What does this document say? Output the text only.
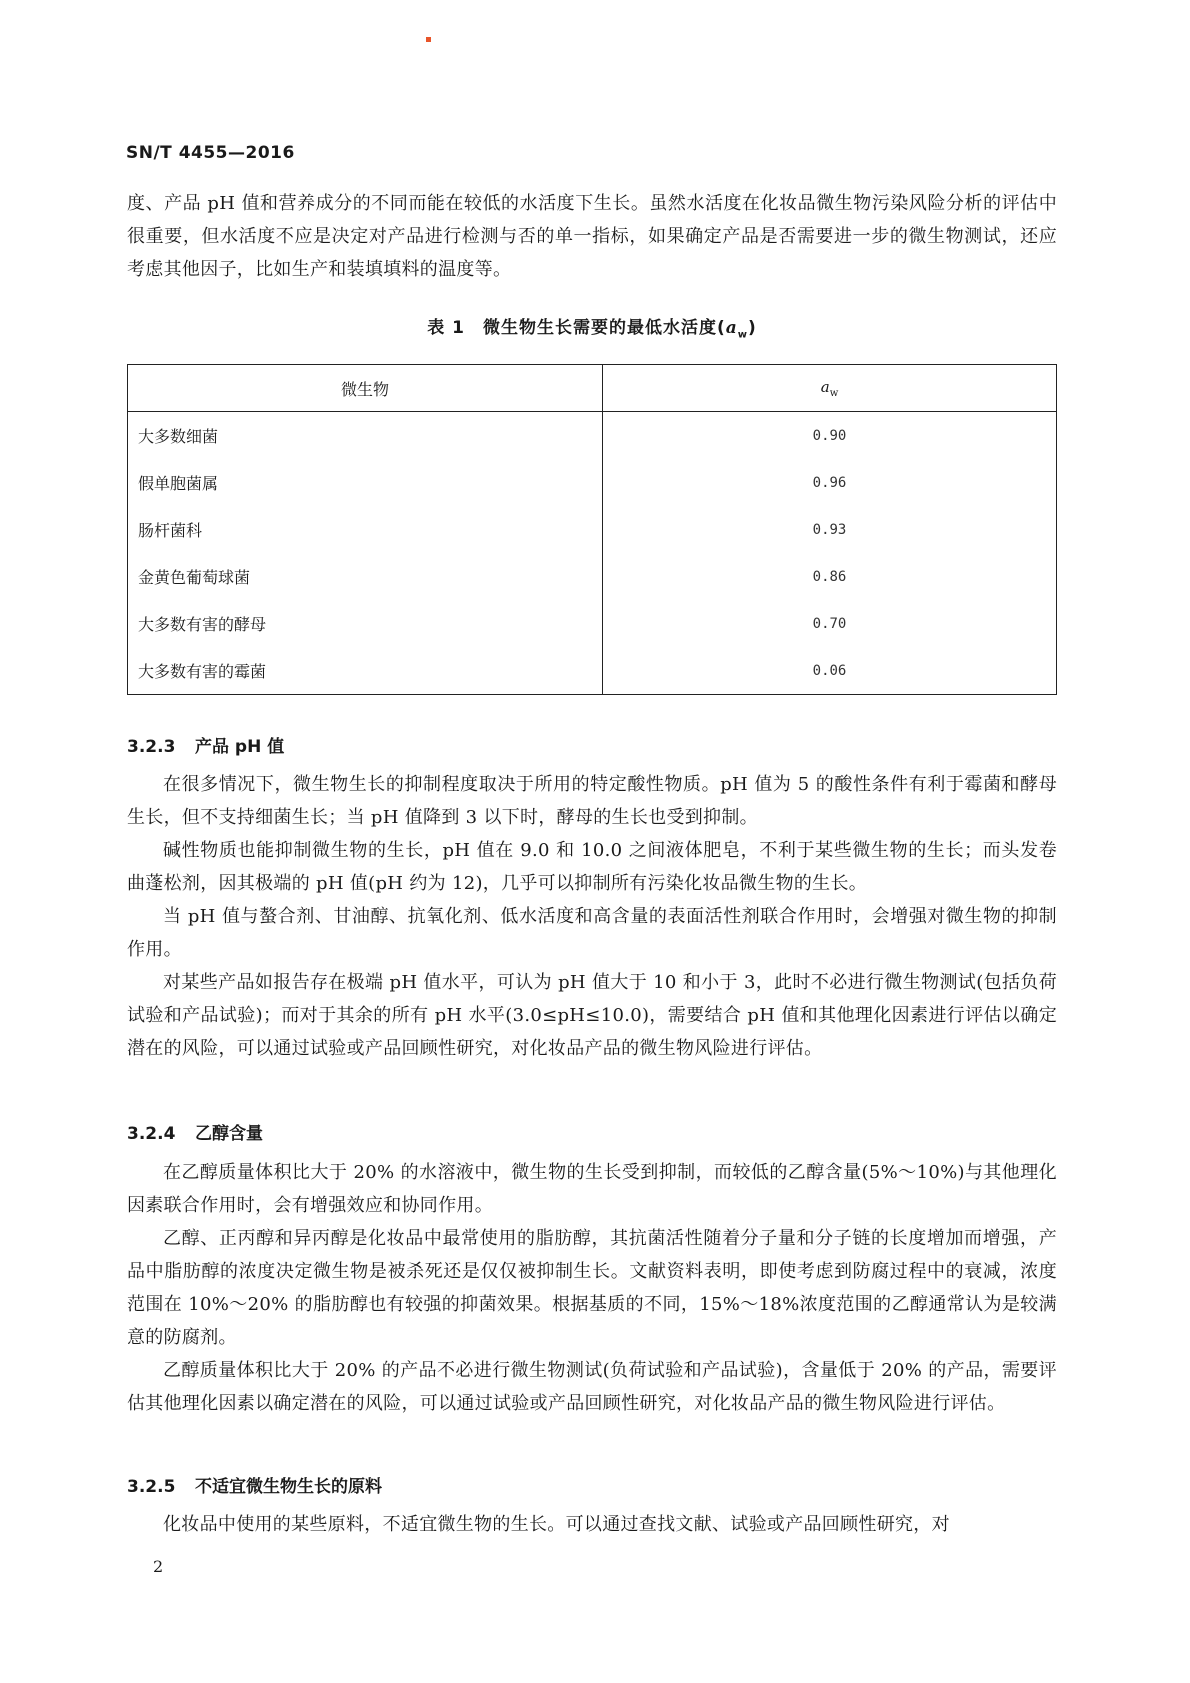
SN/T 4455—2016

度、产品 pH 值和营养成分的不同而能在较低的水活度下生长。虽然水活度在化妆品微生物污染风险分析的评估中很重要，但水活度不应是决定对产品进行检测与否的单一指标，如果确定产品是否需要进一步的微生物测试，还应考虑其他因子，比如生产和装填填料的温度等。

表 1　微生物生长需要的最低水活度$(a_w)$
微生物	$a_w$
大多数细菌	0.90
假单胞菌属	0.96
肠杆菌科	0.93
金黄色葡萄球菌	0.86
大多数有害的酵母	0.70
大多数有害的霉菌	0.06
3.2.3 产品 pH 值

在很多情况下，微生物生长的抑制程度取决于所用的特定酸性物质。pH 值为 5 的酸性条件有利于霉菌和酵母生长，但不支持细菌生长；当 pH 值降到 3 以下时，酵母的生长也受到抑制。

碱性物质也能抑制微生物的生长，pH 值在 9.0 和 10.0 之间液体肥皂，不利于某些微生物的生长；而头发卷曲蓬松剂，因其极端的 pH 值(pH 约为 12)，几乎可以抑制所有污染化妆品微生物的生长。

当 pH 值与螯合剂、甘油醇、抗氧化剂、低水活度和高含量的表面活性剂联合作用时，会增强对微生物的抑制作用。

对某些产品如报告存在极端 pH 值水平，可认为 pH 值大于 10 和小于 3，此时不必进行微生物测试(包括负荷试验和产品试验)；而对于其余的所有 pH 水平(3.0≤pH≤10.0)，需要结合 pH 值和其他理化因素进行评估以确定潜在的风险，可以通过试验或产品回顾性研究，对化妆品产品的微生物风险进行评估。

3.2.4 乙醇含量

在乙醇质量体积比大于 20% 的水溶液中，微生物的生长受到抑制，而较低的乙醇含量(5%～10%)与其他理化因素联合作用时，会有增强效应和协同作用。

乙醇、正丙醇和异丙醇是化妆品中最常使用的脂肪醇，其抗菌活性随着分子量和分子链的长度增加而增强，产品中脂肪醇的浓度决定微生物是被杀死还是仅仅被抑制生长。文献资料表明，即使考虑到防腐过程中的衰减，浓度范围在 10%～20% 的脂肪醇也有较强的抑菌效果。根据基质的不同，15%～18%浓度范围的乙醇通常认为是较满意的防腐剂。

乙醇质量体积比大于 20% 的产品不必进行微生物测试(负荷试验和产品试验)，含量低于 20% 的产品，需要评估其他理化因素以确定潜在的风险，可以通过试验或产品回顾性研究，对化妆品产品的微生物风险进行评估。

3.2.5 不适宜微生物生长的原料

化妆品中使用的某些原料，不适宜微生物的生长。可以通过查找文献、试验或产品回顾性研究，对

2
